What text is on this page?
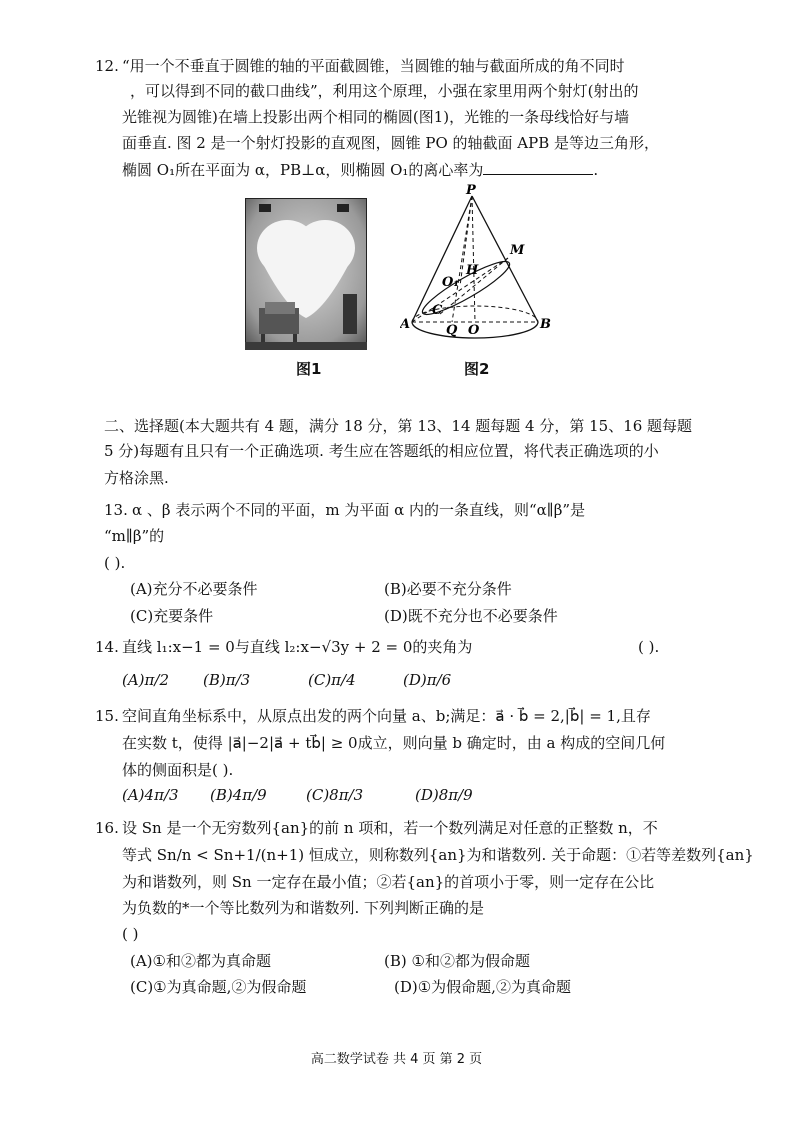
12. “用一个不垂直于圆锥的轴的平面截圆锥，当圆锥的轴与截面所成的角不同时
，可以得到不同的截口曲线”，利用这个原理，小强在家里用两个射灯(射出的
光锥视为圆锥)在墙上投影出两个相同的椭圆(图1)，光锥的一条母线恰好与墙
面垂直. 图 2 是一个射灯投影的直观图，圆锥 PO 的轴截面 APB 是等边三角形，
椭圆 O₁所在平面为 α，PB⊥α，则椭圆 O₁的离心率为	.
图1
P
M
H
O₁
C
A	Q O	B
图2
二、选择题(本大题共有 4 题，满分 18 分，第 13、14 题每题 4 分，第 15、16 题每题
5 分)每题有且只有一个正确选项. 考生应在答题纸的相应位置，将代表正确选项的小
方格涂黑.
13. α 、β 表示两个不同的平面，m 为平面 α 内的一条直线，则“α∥β”是
“m∥β”的
( ).
(A)充分不必要条件	(B)必要不充分条件
(C)充要条件	(D)既不充分也不必要条件
14. 直线 l₁:x−1 = 0与直线 l₂:x−√3y + 2 = 0的夹角为	( ).
(A)π/2 (B)π/3	(C)π/4	(D)π/6
15. 空间直角坐标系中，从原点出发的两个向量 a、b;满足：a⃗ · b⃗ = 2,|b⃗| = 1,且存
在实数 t，使得 |a⃗|−2|a⃗ + tb⃗| ≥ 0成立，则向量 b 确定时，由 a 构成的空间几何
体的侧面积是( ).
(A)4π/3 (B)4π/9	(C)8π/3	(D)8π/9
16. 设 Sn 是一个无穷数列{an}的前 n 项和，若一个数列满足对任意的正整数 n，不
等式 Sn/n < Sn+1/(n+1) 恒成立，则称数列{an}为和谐数列. 关于命题：①若等差数列{an}
为和谐数列，则 Sn 一定存在最小值；②若{an}的首项小于零，则一定存在公比
为负数的*一个等比数列为和谐数列. 下列判断正确的是
( )
(A)①和②都为真命题	(B) ①和②都为假命题
(C)①为真命题,②为假命题	(D)①为假命题,②为真命题
高二数学试卷 共 4 页 第 2 页
